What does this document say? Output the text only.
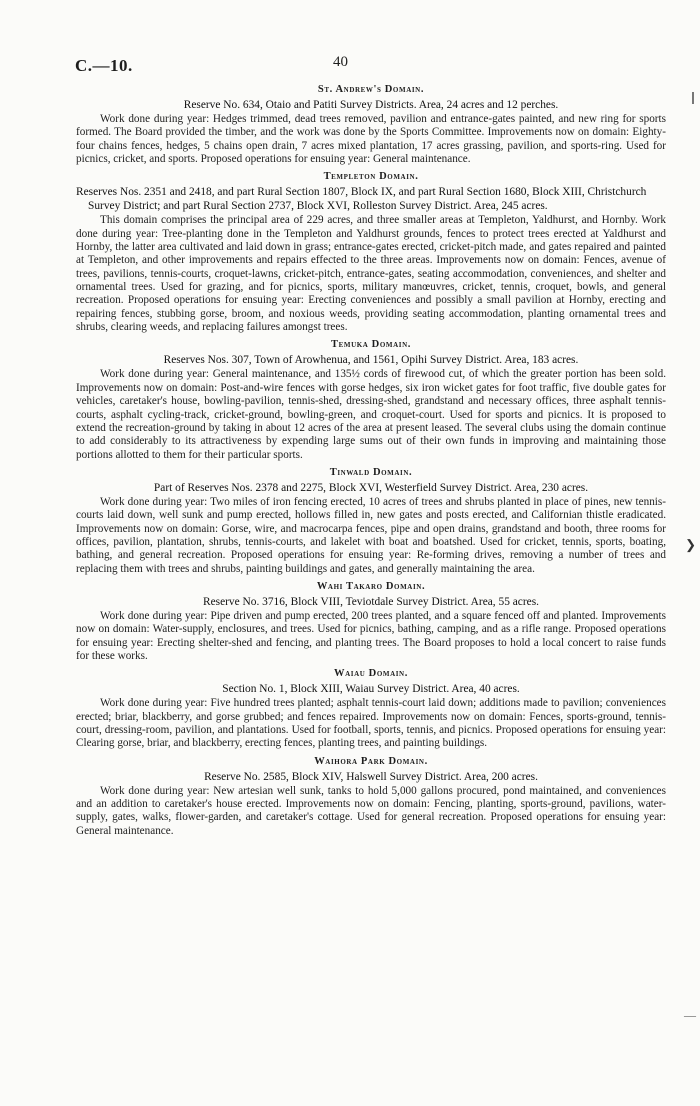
C.—10.	40

St. Andrew's Domain.

Reserve No. 634, Otaio and Patiti Survey Districts. Area, 24 acres and 12 perches.

Work done during year: Hedges trimmed, dead trees removed, pavilion and entrance-gates painted, and new ring for sports formed. The Board provided the timber, and the work was done by the Sports Committee. Improvements now on domain: Eighty-four chains fences, hedges, 5 chains open drain, 7 acres mixed plantation, 17 acres grassing, pavilion, and sports-ring. Used for picnics, cricket, and sports. Proposed operations for ensuing year: General maintenance.

Templeton Domain.

Reserves Nos. 2351 and 2418, and part Rural Section 1807, Block IX, and part Rural Section 1680, Block XIII, Christchurch Survey District; and part Rural Section 2737, Block XVI, Rolleston Survey District. Area, 245 acres.

This domain comprises the principal area of 229 acres, and three smaller areas at Templeton, Yaldhurst, and Hornby. Work done during year: Tree-planting done in the Templeton and Yaldhurst grounds, fences to protect trees erected at Yaldhurst and Hornby, the latter area cultivated and laid down in grass; entrance-gates erected, cricket-pitch made, and gates repaired and painted at Templeton, and other improvements and repairs effected to the three areas. Improvements now on domain: Fences, avenue of trees, pavilions, tennis-courts, croquet-lawns, cricket-pitch, entrance-gates, seating accommodation, conveniences, and shelter and ornamental trees. Used for grazing, and for picnics, sports, military manœuvres, cricket, tennis, croquet, bowls, and general recreation. Proposed operations for ensuing year: Erecting conveniences and possibly a small pavilion at Hornby, erecting and repairing fences, stubbing gorse, broom, and noxious weeds, providing seating accommodation, planting ornamental trees and shrubs, clearing weeds, and replacing failures amongst trees.

Temuka Domain.

Reserves Nos. 307, Town of Arowhenua, and 1561, Opihi Survey District. Area, 183 acres.

Work done during year: General maintenance, and 135½ cords of firewood cut, of which the greater portion has been sold. Improvements now on domain: Post-and-wire fences with gorse hedges, six iron wicket gates for foot traffic, five double gates for vehicles, caretaker's house, bowling-pavilion, tennis-shed, dressing-shed, grandstand and necessary offices, three asphalt tennis-courts, asphalt cycling-track, cricket-ground, bowling-green, and croquet-court. Used for sports and picnics. It is proposed to extend the recreation-ground by taking in about 12 acres of the area at present leased. The several clubs using the domain continue to add considerably to its attractiveness by expending large sums out of their own funds in improving and maintaining those portions allotted to them for their particular sports.

Tinwald Domain.

Part of Reserves Nos. 2378 and 2275, Block XVI, Westerfield Survey District. Area, 230 acres.

Work done during year: Two miles of iron fencing erected, 10 acres of trees and shrubs planted in place of pines, new tennis-courts laid down, well sunk and pump erected, hollows filled in, new gates and posts erected, and Californian thistle eradicated. Improvements now on domain: Gorse, wire, and macrocarpa fences, pipe and open drains, grandstand and booth, three rooms for offices, pavilion, plantation, shrubs, tennis-courts, and lakelet with boat and boatshed. Used for cricket, tennis, sports, boating, bathing, and general recreation. Proposed operations for ensuing year: Re-forming drives, removing a number of trees and replacing them with trees and shrubs, painting buildings and gates, and generally maintaining the area.

Wahi Takaro Domain.

Reserve No. 3716, Block VIII, Teviotdale Survey District. Area, 55 acres.

Work done during year: Pipe driven and pump erected, 200 trees planted, and a square fenced off and planted. Improvements now on domain: Water-supply, enclosures, and trees. Used for picnics, bathing, camping, and as a rifle range. Proposed operations for ensuing year: Erecting shelter-shed and fencing, and planting trees. The Board proposes to hold a local concert to raise funds for these works.

Waiau Domain.

Section No. 1, Block XIII, Waiau Survey District. Area, 40 acres.

Work done during year: Five hundred trees planted; asphalt tennis-court laid down; additions made to pavilion; conveniences erected; briar, blackberry, and gorse grubbed; and fences repaired. Improvements now on domain: Fences, sports-ground, tennis-court, dressing-room, pavilion, and plantations. Used for football, sports, tennis, and picnics. Proposed operations for ensuing year: Clearing gorse, briar, and blackberry, erecting fences, planting trees, and painting buildings.

Waihora Park Domain.

Reserve No. 2585, Block XIV, Halswell Survey District. Area, 200 acres.

Work done during year: New artesian well sunk, tanks to hold 5,000 gallons procured, pond maintained, and conveniences and an addition to caretaker's house erected. Improvements now on domain: Fencing, planting, sports-ground, pavilions, water-supply, gates, walks, flower-garden, and caretaker's cottage. Used for general recreation. Proposed operations for ensuing year: General maintenance.

❯
—
